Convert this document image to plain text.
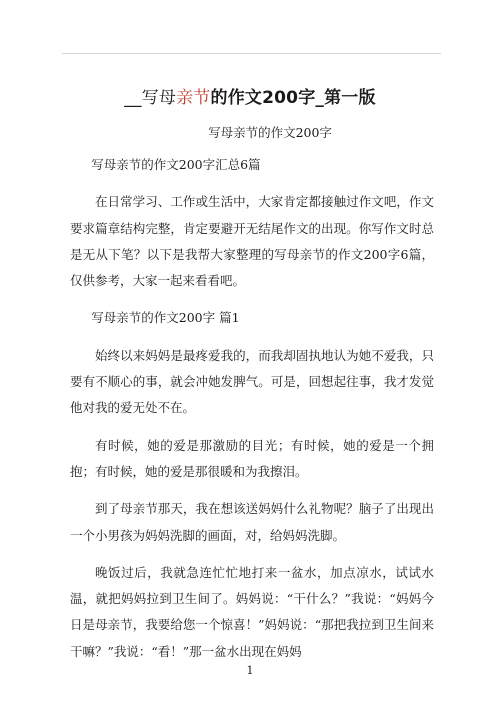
__写母亲节的作文200字_第一版
写母亲节的作文200字

写母亲节的作文200字汇总6篇

在日常学习、工作或生活中，大家肯定都接触过作文吧，作文要求篇章结构完整，肯定要避开无结尾作文的出现。你写作文时总是无从下笔？以下是我帮大家整理的写母亲节的作文200字6篇，仅供参考，大家一起来看看吧。

写母亲节的作文200字 篇1

始终以来妈妈是最疼爱我的，而我却固执地认为她不爱我，只要有不顺心的事，就会冲她发脾气。可是，回想起往事，我才发觉他对我的爱无处不在。

有时候，她的爱是那激励的目光；有时候，她的爱是一个拥抱；有时候，她的爱是那很暖和为我擦泪。

到了母亲节那天，我在想该送妈妈什么礼物呢？脑子了出现出一个小男孩为妈妈洗脚的画面，对，给妈妈洗脚。

晚饭过后，我就急连忙忙地打来一盆水，加点凉水，试试水温，就把妈妈拉到卫生间了。妈妈说：“干什么？”我说：“妈妈今日是母亲节，我要给您一个惊喜！”妈妈说：“那把我拉到卫生间来干嘛？”我说：“看！”那一盆水出现在妈妈

1
